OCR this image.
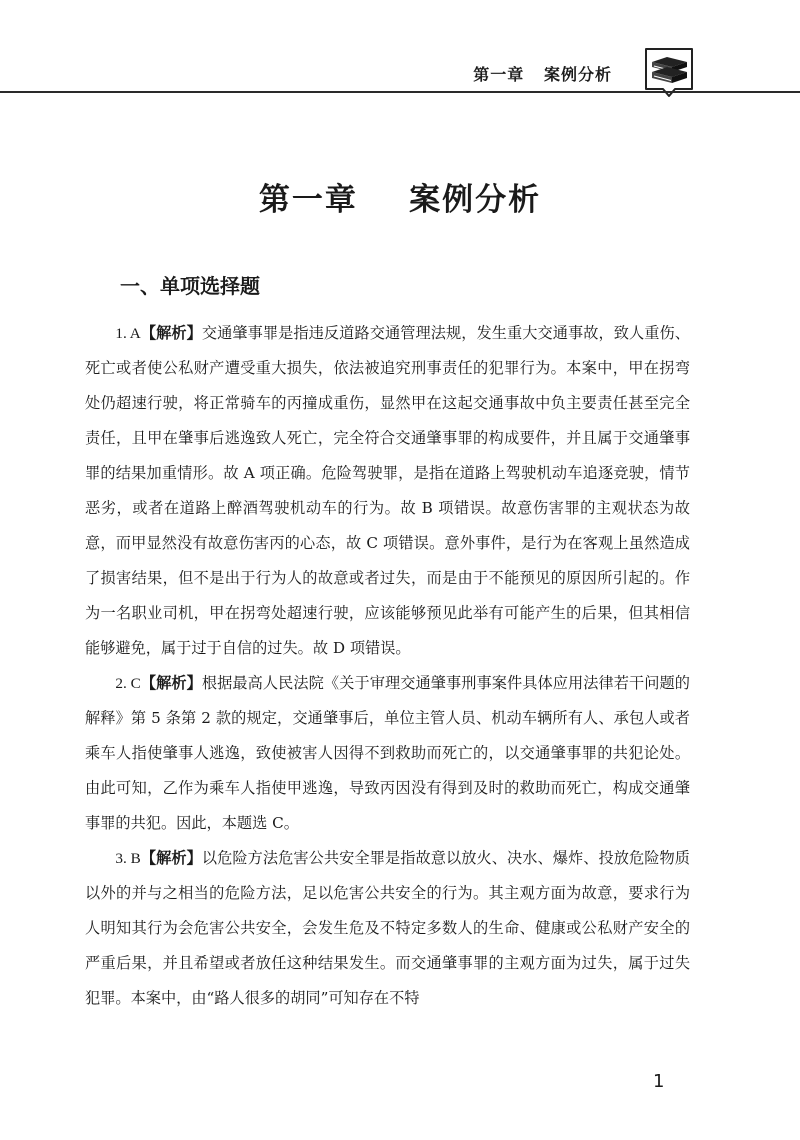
第一章   案例分析
第一章    案例分析
一、单项选择题

1. A【解析】交通肇事罪是指违反道路交通管理法规，发生重大交通事故，致人重伤、死亡或者使公私财产遭受重大损失，依法被追究刑事责任的犯罪行为。本案中，甲在拐弯处仍超速行驶，将正常骑车的丙撞成重伤，显然甲在这起交通事故中负主要责任甚至完全责任，且甲在肇事后逃逸致人死亡，完全符合交通肇事罪的构成要件，并且属于交通肇事罪的结果加重情形。故 A 项正确。危险驾驶罪，是指在道路上驾驶机动车追逐竞驶，情节恶劣，或者在道路上醉酒驾驶机动车的行为。故 B 项错误。故意伤害罪的主观状态为故意，而甲显然没有故意伤害丙的心态，故 C 项错误。意外事件，是行为在客观上虽然造成了损害结果，但不是出于行为人的故意或者过失，而是由于不能预见的原因所引起的。作为一名职业司机，甲在拐弯处超速行驶，应该能够预见此举有可能产生的后果，但其相信能够避免，属于过于自信的过失。故 D 项错误。

2. C【解析】根据最高人民法院《关于审理交通肇事刑事案件具体应用法律若干问题的解释》第 5 条第 2 款的规定，交通肇事后，单位主管人员、机动车辆所有人、承包人或者乘车人指使肇事人逃逸，致使被害人因得不到救助而死亡的，以交通肇事罪的共犯论处。由此可知，乙作为乘车人指使甲逃逸，导致丙因没有得到及时的救助而死亡，构成交通肇事罪的共犯。因此，本题选 C。

3. B【解析】以危险方法危害公共安全罪是指故意以放火、决水、爆炸、投放危险物质以外的并与之相当的危险方法，足以危害公共安全的行为。其主观方面为故意，要求行为人明知其行为会危害公共安全，会发生危及不特定多数人的生命、健康或公私财产安全的严重后果，并且希望或者放任这种结果发生。而交通肇事罪的主观方面为过失，属于过失犯罪。本案中，由“路人很多的胡同”可知存在不特

1
